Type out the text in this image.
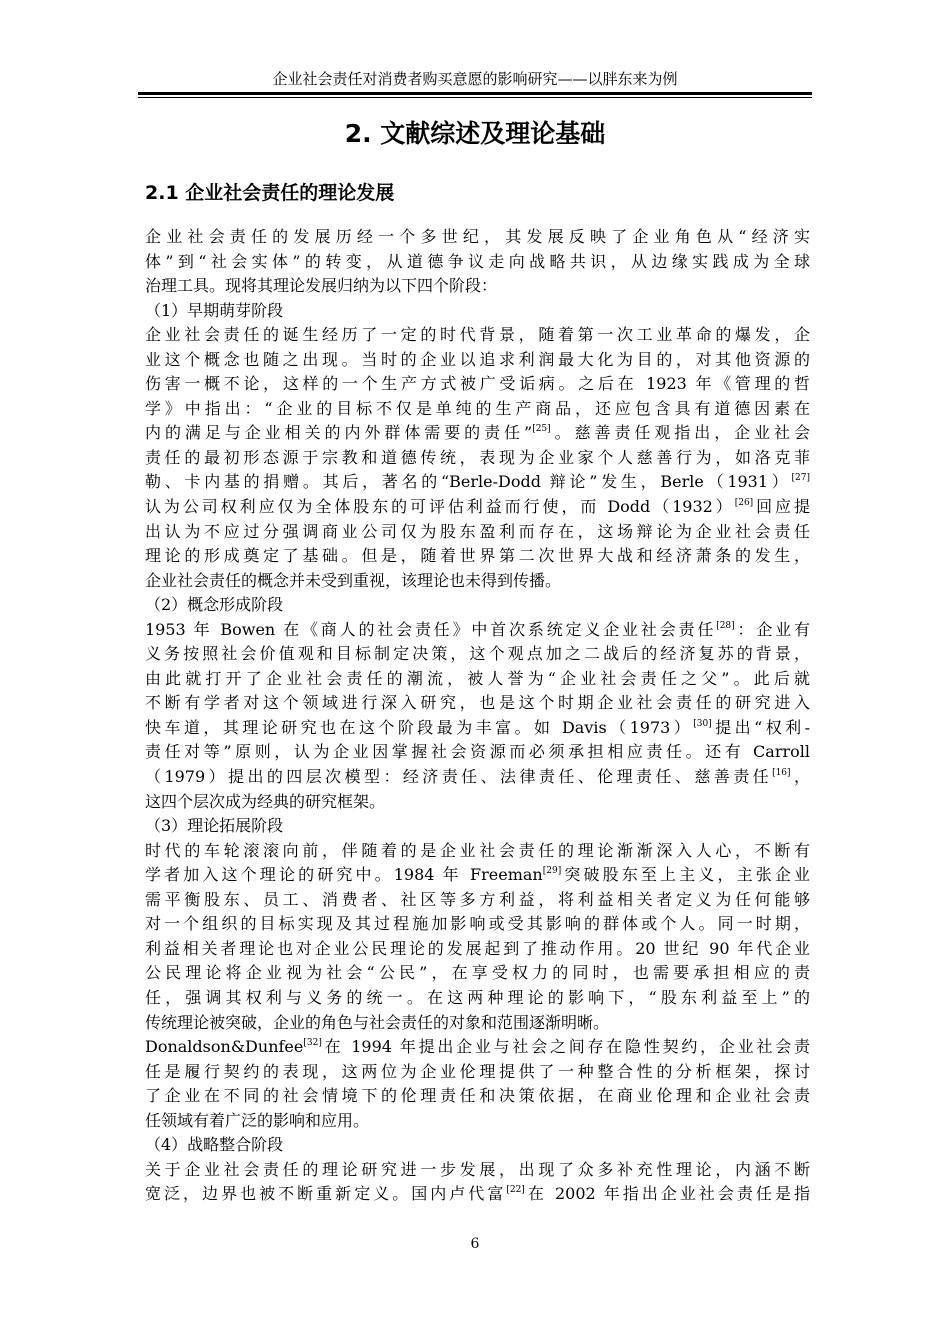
企业社会责任对消费者购买意愿的影响研究——以胖东来为例
2. 文献综述及理论基础
2.1 企业社会责任的理论发展
企业社会责任的发展历经一个多世纪，其发展反映了企业角色从“经济实
体”到“社会实体”的转变，从道德争议走向战略共识，从边缘实践成为全球
治理工具。现将其理论发展归纳为以下四个阶段：
（1）早期萌芽阶段
企业社会责任的诞生经历了一定的时代背景，随着第一次工业革命的爆发，企
业这个概念也随之出现。当时的企业以追求利润最大化为目的，对其他资源的
伤害一概不论，这样的一个生产方式被广受诟病。之后在 1923 年《管理的哲
学》中指出：“企业的目标不仅是单纯的生产商品，还应包含具有道德因素在
内的满足与企业相关的内外群体需要的责任”[25]。慈善责任观指出，企业社会
责任的最初形态源于宗教和道德传统，表现为企业家个人慈善行为，如洛克菲
勒、卡内基的捐赠。其后，著名的“Berle-Dodd 辩论”发生，Berle（1931）[27]
认为公司权利应仅为全体股东的可评估利益而行使，而 Dodd（1932）[26]回应提
出认为不应过分强调商业公司仅为股东盈利而存在，这场辩论为企业社会责任
理论的形成奠定了基础。但是，随着世界第二次世界大战和经济萧条的发生，
企业社会责任的概念并未受到重视，该理论也未得到传播。
（2）概念形成阶段
1953 年 Bowen 在《商人的社会责任》中首次系统定义企业社会责任[28]：企业有
义务按照社会价值观和目标制定决策，这个观点加之二战后的经济复苏的背景，
由此就打开了企业社会责任的潮流，被人誉为“企业社会责任之父”。此后就
不断有学者对这个领域进行深入研究，也是这个时期企业社会责任的研究进入
快车道，其理论研究也在这个阶段最为丰富。如 Davis（1973）[30]提出“权利-
责任对等”原则，认为企业因掌握社会资源而必须承担相应责任。还有 Carroll
（1979）提出的四层次模型：经济责任、法律责任、伦理责任、慈善责任[16]，
这四个层次成为经典的研究框架。
（3）理论拓展阶段
时代的车轮滚滚向前，伴随着的是企业社会责任的理论渐渐深入人心，不断有
学者加入这个理论的研究中。1984 年 Freeman[29]突破股东至上主义，主张企业
需平衡股东、员工、消费者、社区等多方利益，将利益相关者定义为任何能够
对一个组织的目标实现及其过程施加影响或受其影响的群体或个人。同一时期，
利益相关者理论也对企业公民理论的发展起到了推动作用。20 世纪 90 年代企业
公民理论将企业视为社会“公民”，在享受权力的同时，也需要承担相应的责
任，强调其权利与义务的统一。在这两种理论的影响下，“股东利益至上”的
传统理论被突破，企业的角色与社会责任的对象和范围逐渐明晰。
Donaldson&Dunfee[32]在 1994 年提出企业与社会之间存在隐性契约，企业社会责
任是履行契约的表现，这两位为企业伦理提供了一种整合性的分析框架，探讨
了企业在不同的社会情境下的伦理责任和决策依据，在商业伦理和企业社会责
任领域有着广泛的影响和应用。
（4）战略整合阶段
关于企业社会责任的理论研究进一步发展，出现了众多补充性理论，内涵不断
宽泛，边界也被不断重新定义。国内卢代富[22]在 2002 年指出企业社会责任是指
6
